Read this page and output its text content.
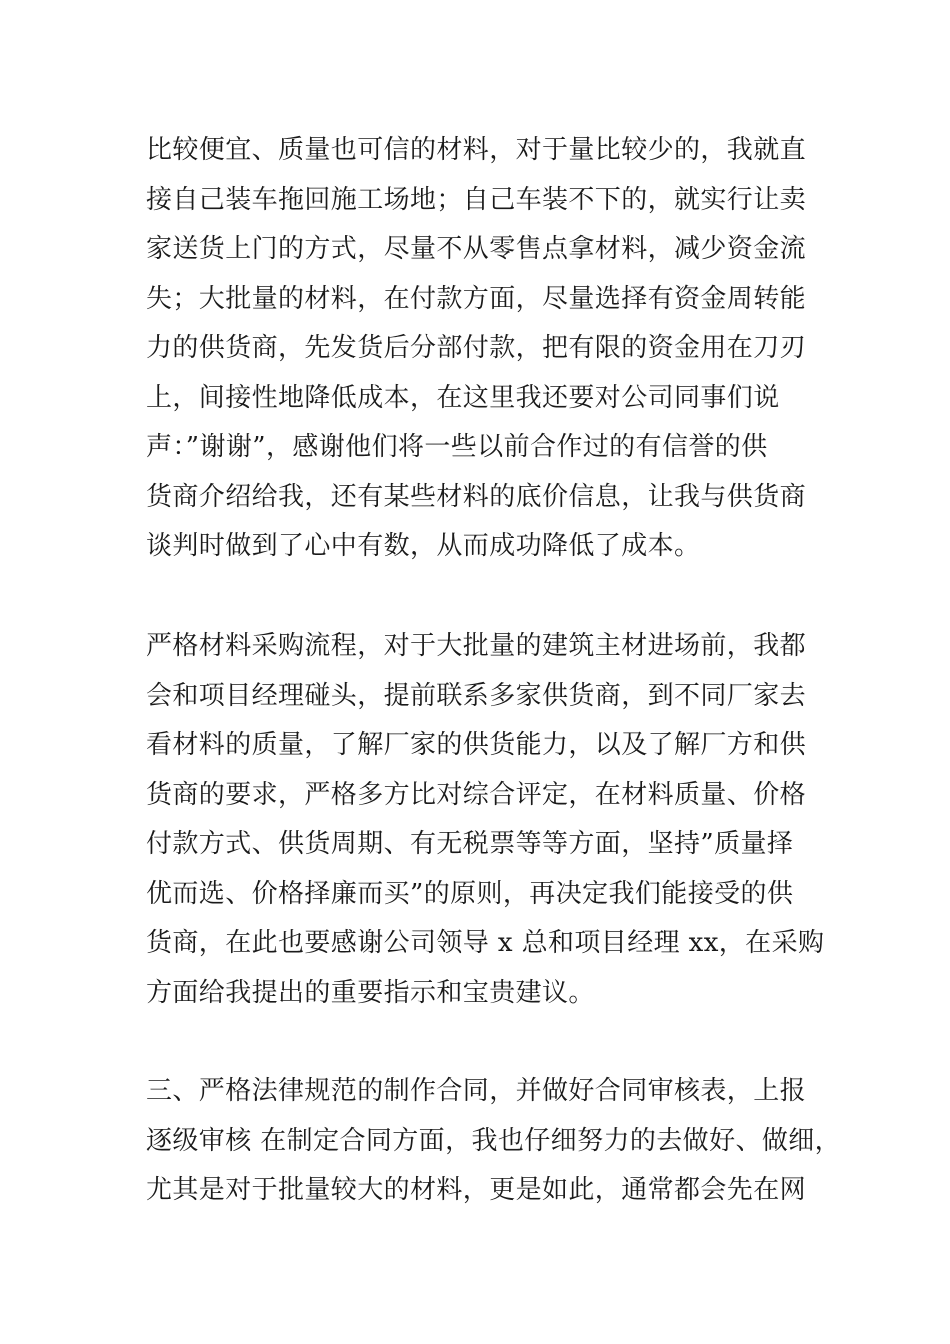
比较便宜、质量也可信的材料，对于量比较少的，我就直
接自己装车拖回施工场地；自己车装不下的，就实行让卖
家送货上门的方式，尽量不从零售点拿材料，减少资金流
失；大批量的材料，在付款方面，尽量选择有资金周转能
力的供货商，先发货后分部付款，把有限的资金用在刀刃
上，间接性地降低成本，在这里我还要对公司同事们说
声：”谢谢”，感谢他们将一些以前合作过的有信誉的供
货商介绍给我，还有某些材料的底价信息，让我与供货商
谈判时做到了心中有数，从而成功降低了成本。
严格材料采购流程，对于大批量的建筑主材进场前，我都
会和项目经理碰头，提前联系多家供货商，到不同厂家去
看材料的质量，了解厂家的供货能力，以及了解厂方和供
货商的要求，严格多方比对综合评定，在材料质量、价格
付款方式、供货周期、有无税票等等方面，坚持”质量择
优而选、价格择廉而买”的原则，再决定我们能接受的供
货商，在此也要感谢公司领导 x 总和项目经理 xx，在采购
方面给我提出的重要指示和宝贵建议。
三、严格法律规范的制作合同，并做好合同审核表，上报
逐级审核 在制定合同方面，我也仔细努力的去做好、做细，
尤其是对于批量较大的材料，更是如此，通常都会先在网
